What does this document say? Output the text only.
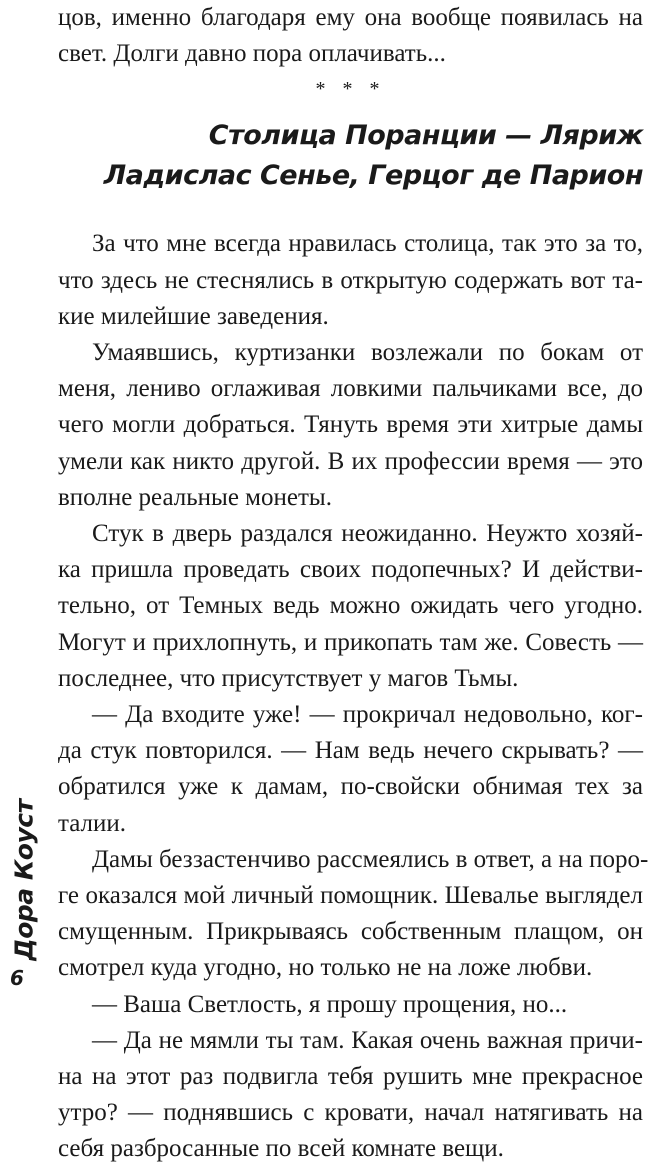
цов, именно благодаря ему она вообще появилась на
свет. Долги давно пора оплачивать...
* * *
Столица Поранции — Ляриж
Ладислас Сенье, Герцог де Парион
За что мне всегда нравилась столица, так это за то,
что здесь не стеснялись в открытую содержать вот та-
кие милейшие заведения.
Умаявшись, куртизанки возлежали по бокам от
меня, лениво оглаживая ловкими пальчиками все, до
чего могли добраться. Тянуть время эти хитрые дамы
умели как никто другой. В их профессии время — это
вполне реальные монеты.
Стук в дверь раздался неожиданно. Неужто хозяй-
ка пришла проведать своих подопечных? И действи-
тельно, от Темных ведь можно ожидать чего угодно.
Могут и прихлопнуть, и прикопать там же. Совесть —
последнее, что присутствует у магов Тьмы.
— Да входите уже! — прокричал недовольно, ког-
да стук повторился. — Нам ведь нечего скрывать? —
обратился уже к дамам, по-свойски обнимая тех за
талии.
Дамы беззастенчиво рассмеялись в ответ, а на поро-
ге оказался мой личный помощник. Шевалье выглядел
смущенным. Прикрываясь собственным плащом, он
смотрел куда угодно, но только не на ложе любви.
— Ваша Светлость, я прошу прощения, но...
— Да не мямли ты там. Какая очень важная причи-
на на этот раз подвигла тебя рушить мне прекрасное
утро? — поднявшись с кровати, начал натягивать на
себя разбросанные по всей комнате вещи.
Дора Коуст
6
